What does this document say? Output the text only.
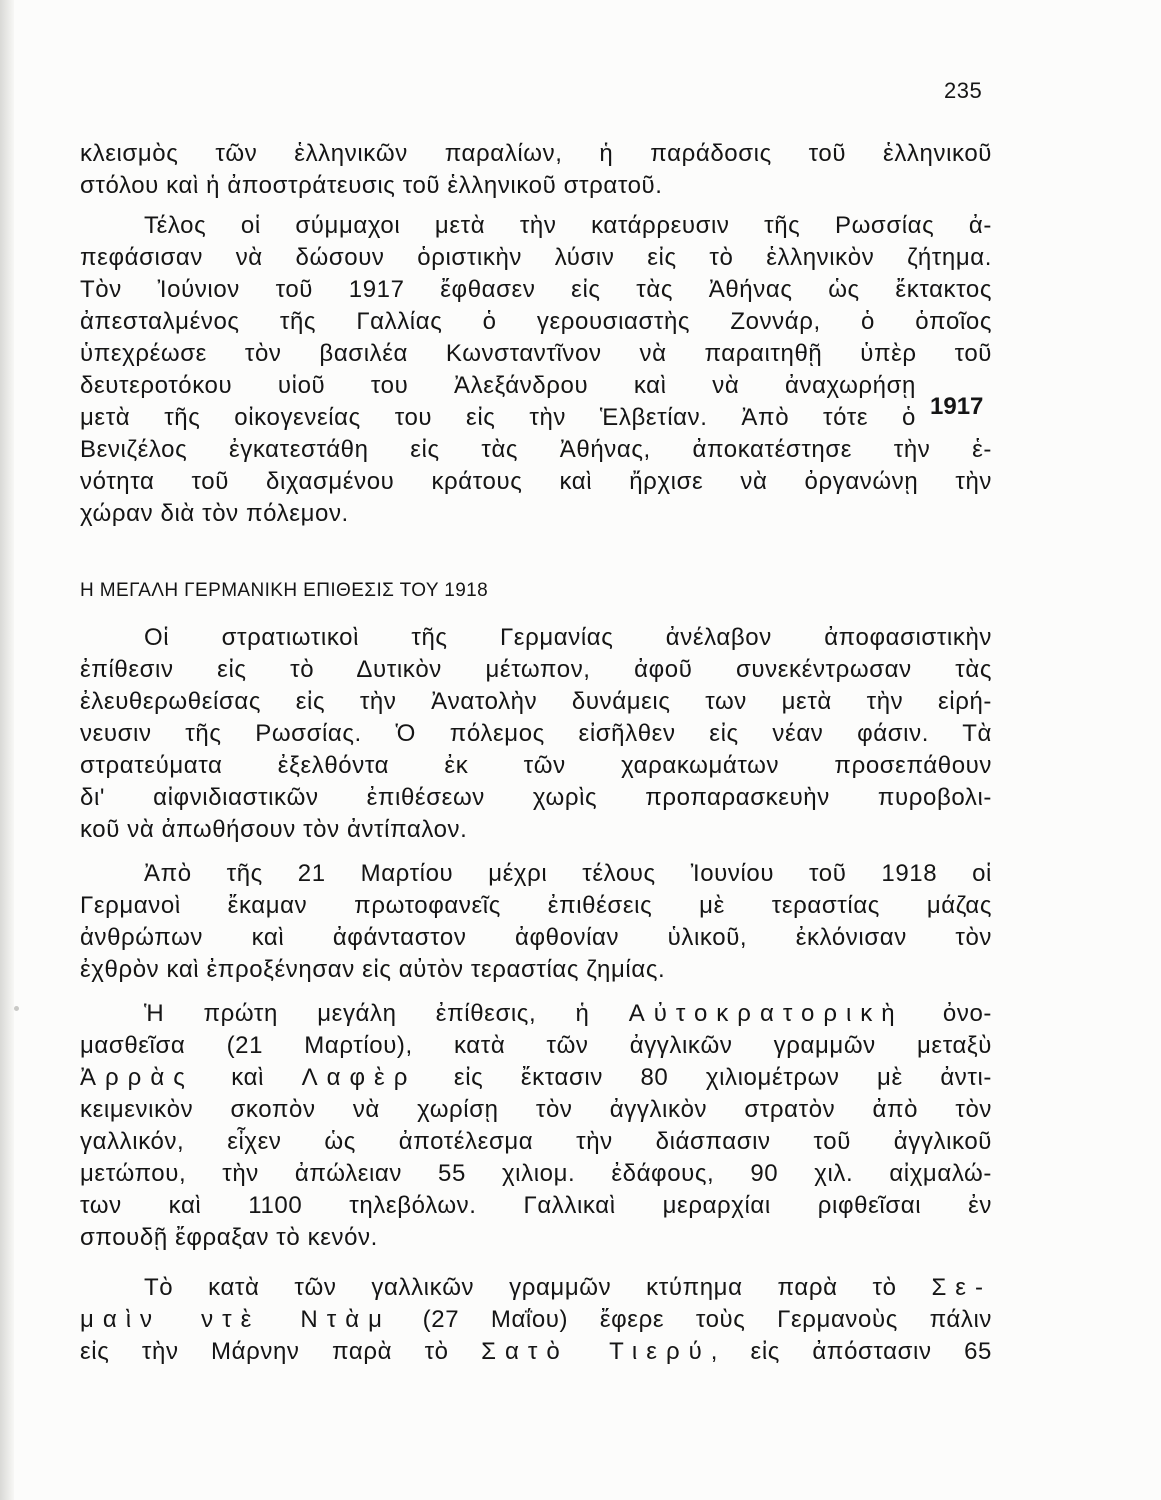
235
κλεισμὸς τῶν ἑλληνικῶν παραλίων, ἡ παράδοσις τοῦ ἑλληνικοῦ
στόλου καὶ ἡ ἀποστράτευσις τοῦ ἑλληνικοῦ στρατοῦ.
Τέλος οἱ σύμμαχοι μετὰ τὴν κατάρρευσιν τῆς Ρωσσίας ἀ-
πεφάσισαν νὰ δώσουν ὁριστικὴν λύσιν εἰς τὸ ἑλληνικὸν ζήτημα.
Τὸν Ἰούνιον τοῦ 1917 ἔφθασεν εἰς τὰς Ἀθήνας ὡς ἔκτακτος
ἀπεσταλμένος τῆς Γαλλίας ὁ γερουσιαστὴς Ζοννάρ, ὁ ὁποῖος
ὑπεχρέωσε τὸν βασιλέα Κωνσταντῖνον νὰ παραιτηθῇ ὑπὲρ τοῦ
δευτεροτόκου υἱοῦ του Ἀλεξάνδρου καὶ νὰ ἀναχωρήσῃ
μετὰ τῆς οἰκογενείας του εἰς τὴν Ἑλβετίαν. Ἀπὸ τότε ὁ
Βενιζέλος ἐγκατεστάθη εἰς τὰς Ἀθήνας, ἀποκατέστησε τὴν ἑ-
νότητα τοῦ διχασμένου κράτους καὶ ἤρχισε νὰ ὀργανώνῃ τὴν
χώραν διὰ τὸν πόλεμον.
1917
Η ΜΕΓΑΛΗ ΓΕΡΜΑΝΙΚΗ ΕΠΙΘΕΣΙΣ ΤΟΥ 1918
Οἱ στρατιωτικοὶ τῆς Γερμανίας ἀνέλαβον ἀποφασιστικὴν
ἐπίθεσιν εἰς τὸ Δυτικὸν μέτωπον, ἀφοῦ συνεκέντρωσαν τὰς
ἐλευθερωθείσας εἰς τὴν Ἀνατολὴν δυνάμεις των μετὰ τὴν εἰρή-
νευσιν τῆς Ρωσσίας. Ὁ πόλεμος εἰσῆλθεν εἰς νέαν φάσιν. Τὰ
στρατεύματα ἐξελθόντα ἐκ τῶν χαρακωμάτων προσεπάθουν
δι' αἰφνιδιαστικῶν ἐπιθέσεων χωρὶς προπαρασκευὴν πυροβολι-
κοῦ νὰ ἀπωθήσουν τὸν ἀντίπαλον.
Ἀπὸ τῆς 21 Μαρτίου μέχρι τέλους Ἰουνίου τοῦ 1918 οἱ
Γερμανοὶ ἔκαμαν πρωτοφανεῖς ἐπιθέσεις μὲ τεραστίας μάζας
ἀνθρώπων καὶ ἀφάνταστον ἀφθονίαν ὑλικοῦ, ἐκλόνισαν τὸν
ἐχθρὸν καὶ ἐπροξένησαν εἰς αὐτὸν τεραστίας ζημίας.
Ἡ πρώτη μεγάλη ἐπίθεσις, ἡ Αὐτοκρατορικὴ ὀνο-
μασθεῖσα (21 Μαρτίου), κατὰ τῶν ἀγγλικῶν γραμμῶν μεταξὺ
Ἀρρὰς καὶ Λαφὲρ εἰς ἔκτασιν 80 χιλιομέτρων μὲ ἀντι-
κειμενικὸν σκοπὸν νὰ χωρίσῃ τὸν ἀγγλικὸν στρατὸν ἀπὸ τὸν
γαλλικόν, εἶχεν ὡς ἀποτέλεσμα τὴν διάσπασιν τοῦ ἀγγλικοῦ
μετώπου, τὴν ἀπώλειαν 55 χιλιομ. ἐδάφους, 90 χιλ. αἰχμαλώ-
των καὶ 1100 τηλεβόλων. Γαλλικαὶ μεραρχίαι ριφθεῖσαι ἐν
σπουδῇ ἔφραξαν τὸ κενόν.
Τὸ κατὰ τῶν γαλλικῶν γραμμῶν κτύπημα παρὰ τὸ Σε-
μαὶν ντὲ Ντὰμ (27 Μαΐου) ἔφερε τοὺς Γερμανοὺς πάλιν
εἰς τὴν Μάρνην παρὰ τὸ Σατὸ Τιερύ, εἰς ἀπόστασιν 65
